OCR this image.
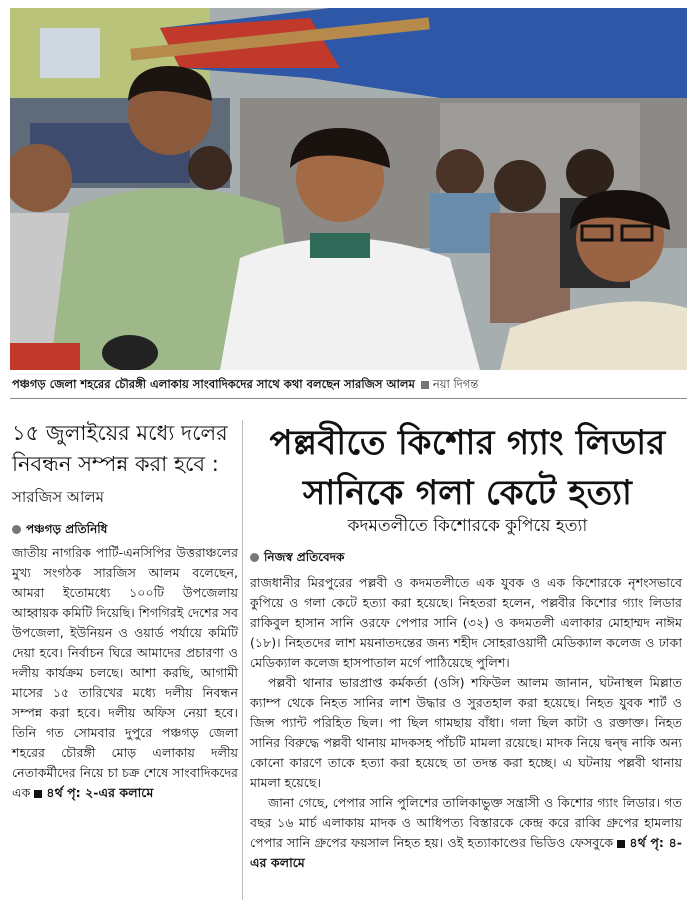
পঞ্চগড় জেলা শহরের চৌরঙ্গী এলাকায় সাংবাদিকদের সাথে কথা বলছেন সারজিস আলম নয়া দিগন্ত
১৫ জুলাইয়ের মধ্যে দলের নিবন্ধন সম্পন্ন করা হবে : সারজিস আলম
পঞ্চগড় প্রতিনিধি

জাতীয় নাগরিক পার্টি-এনসিপির উত্তরাঞ্চলের মুখ্য সংগঠক সারজিস আলম বলেছেন, আমরা ইতোমধ্যে ১০০টি উপজেলায় আহ্বায়ক কমিটি দিয়েছি। শিগগিরই দেশের সব উপজেলা, ইউনিয়ন ও ওয়ার্ড পর্যায়ে কমিটি দেয়া হবে। নির্বাচন ঘিরে আমাদের প্রচারণা ও দলীয় কার্যক্রম চলছে। আশা করছি, আগামী মাসের ১৫ তারিখের মধ্যে দলীয় নিবন্ধন সম্পন্ন করা হবে। দলীয় অফিস নেয়া হবে। তিনি গত সোমবার দুপুরে পঞ্চগড় জেলা শহরের চৌরঙ্গী মোড় এলাকায় দলীয় নেতাকর্মীদের নিয়ে চা চক্র শেষে সাংবাদিকদের এক ৪র্থ পৃ: ২-এর কলামে

পল্লবীতে কিশোর গ্যাং লিডার
সানিকে গলা কেটে হত্যা
কদমতলীতে কিশোরকে কুপিয়ে হত্যা
নিজস্ব প্রতিবেদক

রাজধানীর মিরপুরের পল্লবী ও কদমতলীতে এক যুবক ও এক কিশোরকে নৃশংসভাবে কুপিয়ে ও গলা কেটে হত্যা করা হয়েছে। নিহতরা হলেন, পল্লবীর কিশোর গ্যাং লিডার রাকিবুল হাসান সানি ওরফে পেপার সানি (৩২) ও কদমতলী এলাকার মোহাম্মদ নাঈম (১৮)। নিহতদের লাশ ময়নাতদন্তের জন্য শহীদ সোহরাওয়ার্দী মেডিক্যাল কলেজ ও ঢাকা মেডিক্যাল কলেজ হাসপাতাল মর্গে পাঠিয়েছে পুলিশ।

পল্লবী থানার ভারপ্রাপ্ত কর্মকর্তা (ওসি) শফিউল আলম জানান, ঘটনাস্থল মিল্লাত ক্যাম্প থেকে নিহত সানির লাশ উদ্ধার ও সুরতহাল করা হয়েছে। নিহত যুবক শার্ট ও জিন্স প্যান্ট পরিহিত ছিল। পা ছিল গামছায় বাঁধা। গলা ছিল কাটা ও রক্তাক্ত। নিহত সানির বিরুদ্ধে পল্লবী থানায় মাদকসহ পাঁচটি মামলা রয়েছে। মাদক নিয়ে দ্বন্দ্ব নাকি অন্য কোনো কারণে তাকে হত্যা করা হয়েছে তা তদন্ত করা হচ্ছে। এ ঘটনায় পল্লবী থানায় মামলা হয়েছে।

জানা গেছে, পেপার সানি পুলিশের তালিকাভুক্ত সন্ত্রাসী ও কিশোর গ্যাং লিডার। গত বছর ১৬ মার্চ এলাকায় মাদক ও আধিপত্য বিস্তারকে কেন্দ্র করে রাব্বি গ্রুপের হামলায় পেপার সানি গ্রুপের ফয়সাল নিহত হয়। ওই হত্যাকাণ্ডের ভিডিও ফেসবুকে ৪র্থ পৃ: ৪-এর কলামে
